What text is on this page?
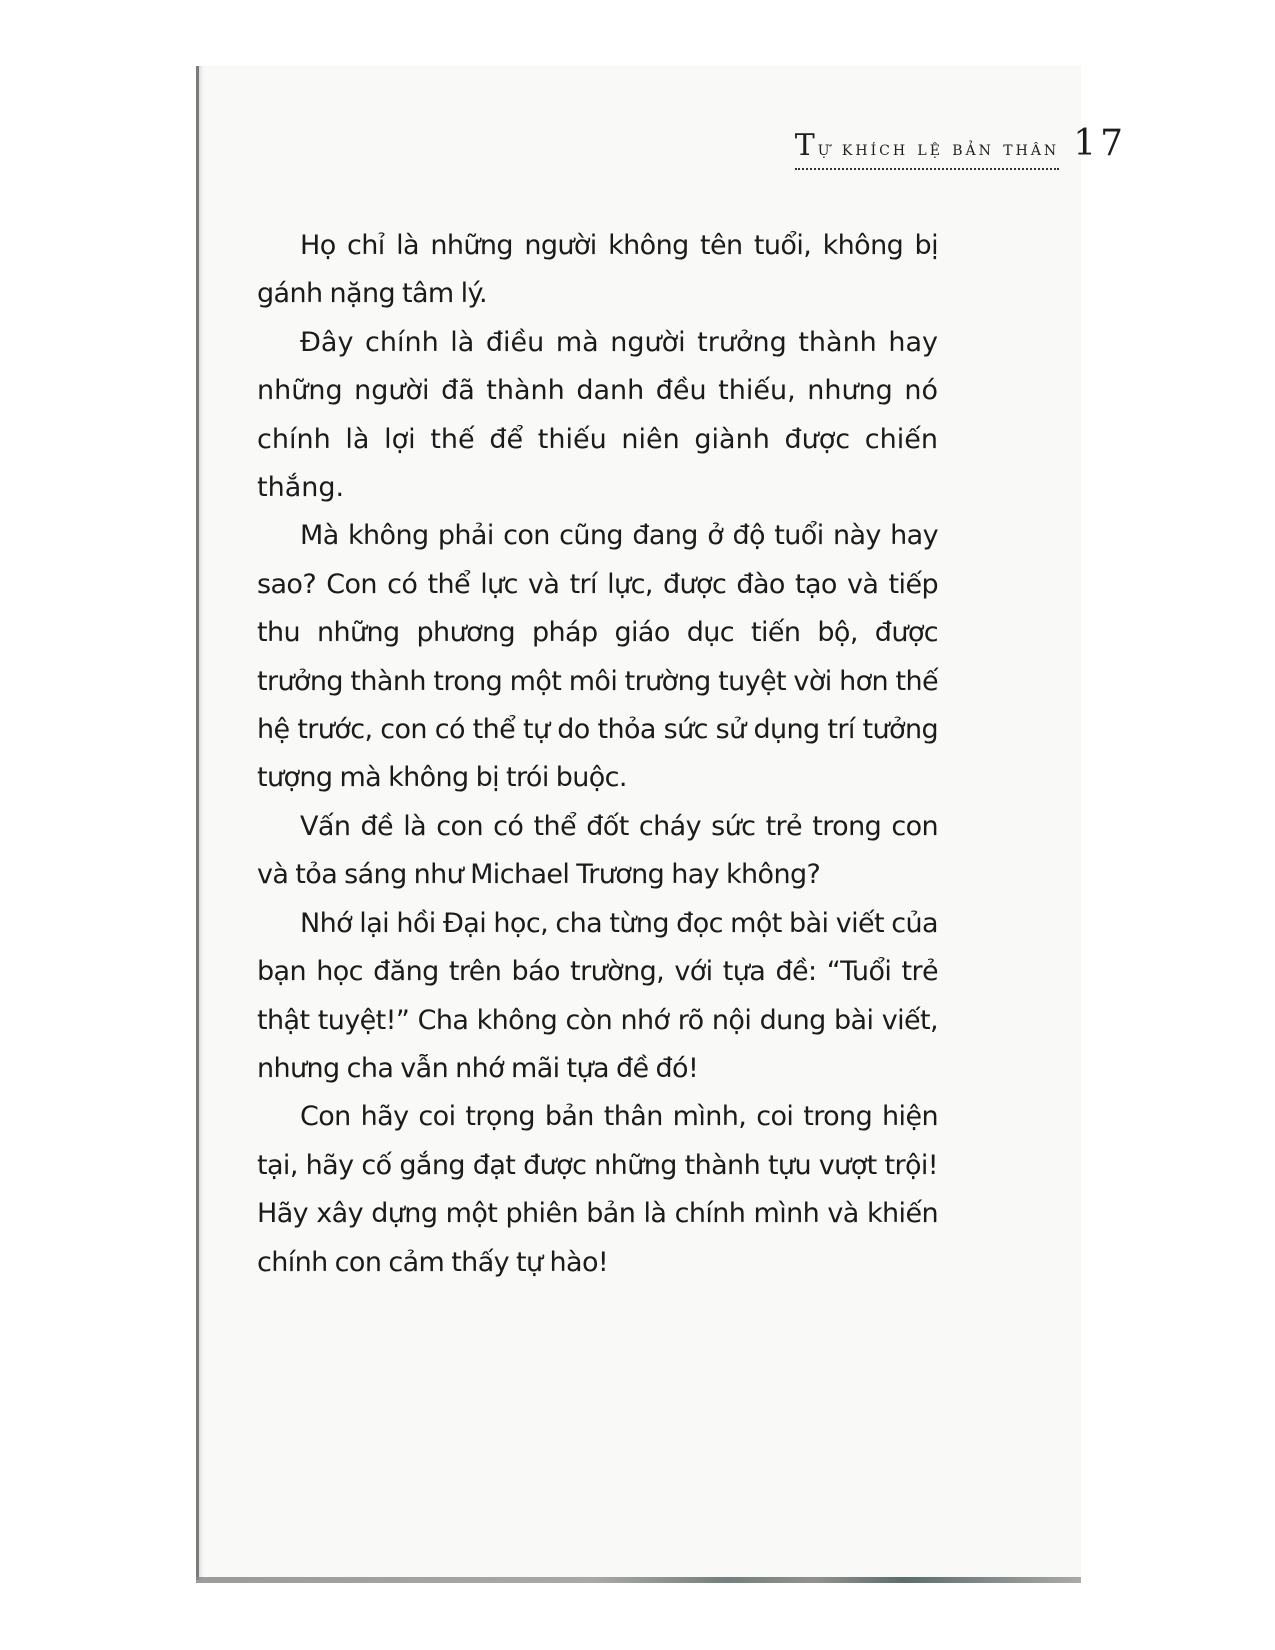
Tự khích lệ bản thân 17

Họ chỉ là những người không tên tuổi, không bị gánh nặng tâm lý.

Đây chính là điều mà người trưởng thành hay những người đã thành danh đều thiếu, nhưng nó chính là lợi thế để thiếu niên giành được chiến thắng.

Mà không phải con cũng đang ở độ tuổi này hay sao? Con có thể lực và trí lực, được đào tạo và tiếp thu những phương pháp giáo dục tiến bộ, được trưởng thành trong một môi trường tuyệt vời hơn thế hệ trước, con có thể tự do thỏa sức sử dụng trí tưởng tượng mà không bị trói buộc.

Vấn đề là con có thể đốt cháy sức trẻ trong con và tỏa sáng như Michael Trương hay không?

Nhớ lại hồi Đại học, cha từng đọc một bài viết của bạn học đăng trên báo trường, với tựa đề: “Tuổi trẻ thật tuyệt!” Cha không còn nhớ rõ nội dung bài viết, nhưng cha vẫn nhớ mãi tựa đề đó!

Con hãy coi trọng bản thân mình, coi trong hiện tại, hãy cố gắng đạt được những thành tựu vượt trội! Hãy xây dựng một phiên bản là chính mình và khiến chính con cảm thấy tự hào!
